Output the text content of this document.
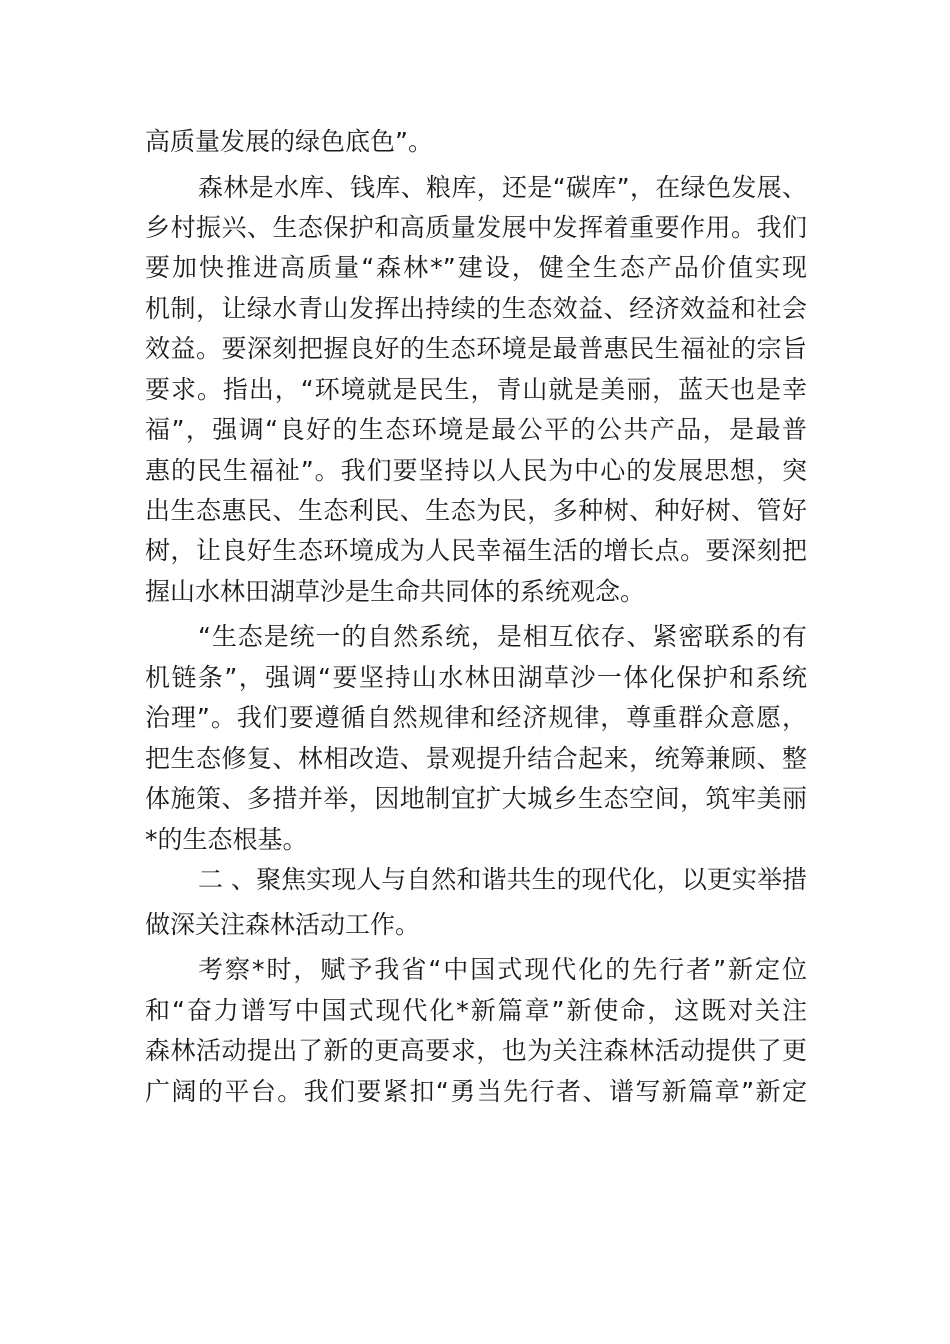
高质量发展的绿色底色”。
森林是水库、钱库、粮库，还是“碳库”，在绿色发展、
乡村振兴、生态保护和高质量发展中发挥着重要作用。我们
要加快推进高质量“森林*”建设，健全生态产品价值实现
机制，让绿水青山发挥出持续的生态效益、经济效益和社会
效益。要深刻把握良好的生态环境是最普惠民生福祉的宗旨
要求。指出，“环境就是民生，青山就是美丽，蓝天也是幸
福”，强调“良好的生态环境是最公平的公共产品，是最普
惠的民生福祉”。我们要坚持以人民为中心的发展思想，突
出生态惠民、生态利民、生态为民，多种树、种好树、管好
树，让良好生态环境成为人民幸福生活的增长点。要深刻把
握山水林田湖草沙是生命共同体的系统观念。
“生态是统一的自然系统，是相互依存、紧密联系的有
机链条”，强调“要坚持山水林田湖草沙一体化保护和系统
治理”。我们要遵循自然规律和经济规律，尊重群众意愿，
把生态修复、林相改造、景观提升结合起来，统筹兼顾、整
体施策、多措并举，因地制宜扩大城乡生态空间，筑牢美丽
*的生态根基。
二 、聚焦实现人与自然和谐共生的现代化，以更实举措
做深关注森林活动工作。
考察*时，赋予我省“中国式现代化的先行者”新定位
和“奋力谱写中国式现代化*新篇章”新使命，这既对关注
森林活动提出了新的更高要求，也为关注森林活动提供了更
广阔的平台。我们要紧扣“勇当先行者、谱写新篇章”新定
